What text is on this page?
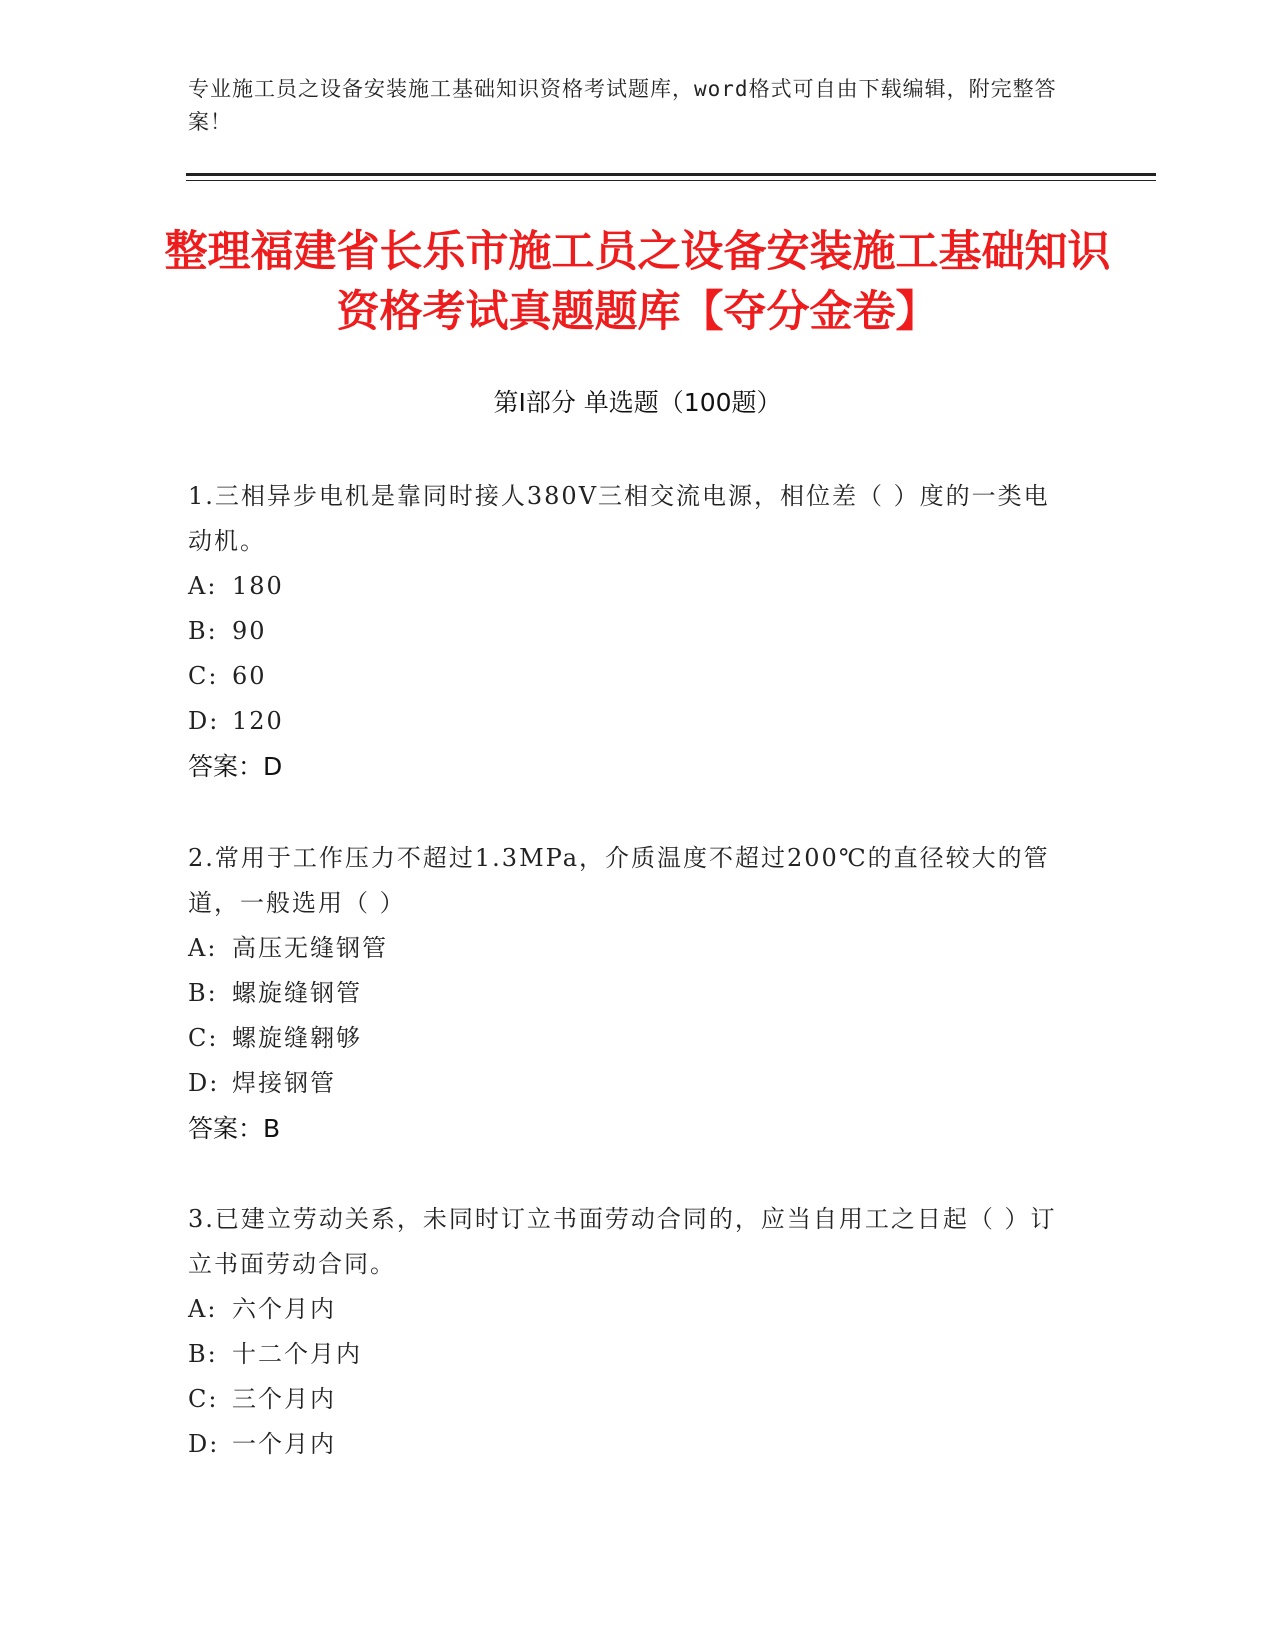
专业施工员之设备安装施工基础知识资格考试题库，word格式可自由下载编辑，附完整答案！
整理福建省长乐市施工员之设备安装施工基础知识资格考试真题题库【夺分金卷】
第Ⅰ部分 单选题（100题）

1.三相异步电机是靠同时接人380V三相交流电源，相位差（ ）度的一类电动机。

A: 180

B: 90

C: 60

D: 120

答案：D

2.常用于工作压力不超过1.3MPa，介质温度不超过200℃的直径较大的管道，一般选用（ ）

A: 高压无缝钢管

B: 螺旋缝钢管

C: 螺旋缝翱够

D: 焊接钢管

答案：B

3.已建立劳动关系，未同时订立书面劳动合同的，应当自用工之日起（ ）订立书面劳动合同。

A: 六个月内

B: 十二个月内

C: 三个月内

D: 一个月内
